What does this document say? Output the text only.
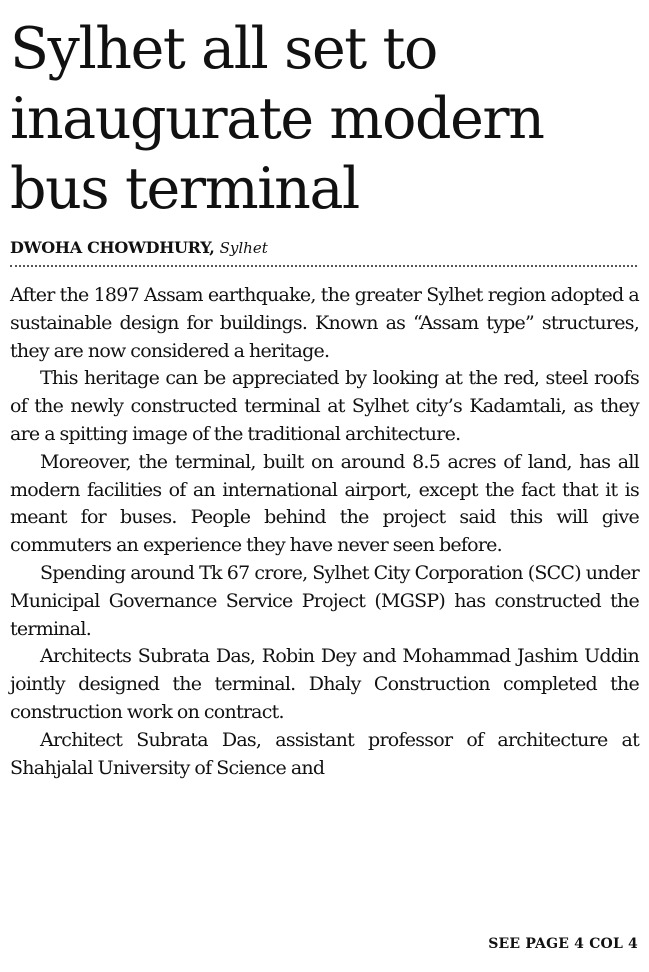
Sylhet all set to
inaugurate modern
bus terminal
DWOHA CHOWDHURY, Sylhet

After the 1897 Assam earthquake, the greater Sylhet region adopted a sustainable design for buildings. Known as “Assam type” structures, they are now considered a heritage.

This heritage can be appreciated by looking at the red, steel roofs of the newly constructed terminal at Sylhet city’s Kadamtali, as they are a spitting image of the traditional architecture.

Moreover, the terminal, built on around 8.5 acres of land, has all modern facilities of an international airport, except the fact that it is meant for buses. People behind the project said this will give commuters an experience they have never seen before.

Spending around Tk 67 crore, Sylhet City Corporation (SCC) under Municipal Governance Service Project (MGSP) has constructed the terminal.

Architects Subrata Das, Robin Dey and Mohammad Jashim Uddin jointly designed the terminal. Dhaly Construction completed the construction work on contract.

Architect Subrata Das, assistant professor of architecture at Shahjalal University of Science and

SEE PAGE 4 COL 4
